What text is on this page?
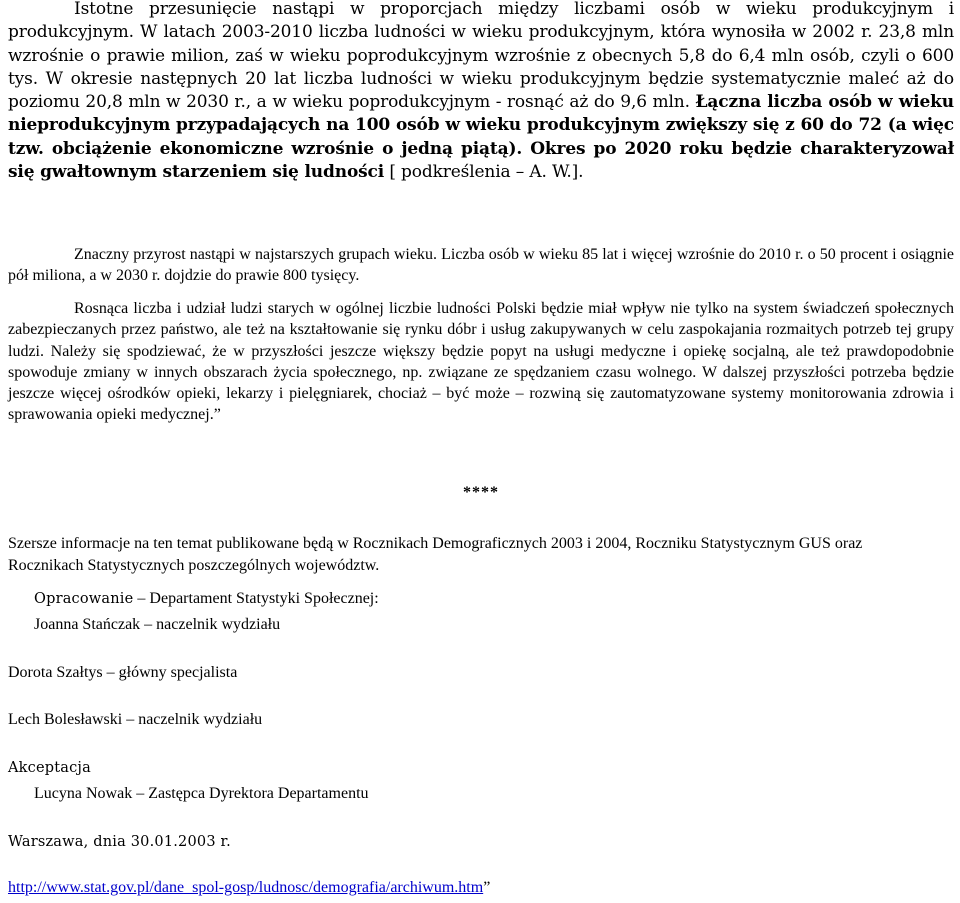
Istotne przesunięcie nastąpi w proporcjach między liczbami osób w wieku produkcyjnym i produkcyjnym. W latach 2003-2010 liczba ludności w wieku produkcyjnym, która wynosiła w 2002 r. 23,8 mln wzrośnie o prawie milion, zaś w wieku poprodukcyjnym wzrośnie z obecnych 5,8 do 6,4 mln osób, czyli o 600 tys. W okresie następnych 20 lat liczba ludności w wieku produkcyjnym będzie systematycznie maleć aż do poziomu 20,8 mln w 2030 r., a w wieku poprodukcyjnym - rosnąć aż do 9,6 mln. Łączna liczba osób w wieku nieprodukcyjnym przypadających na 100 osób w wieku produkcyjnym zwiększy się z 60 do 72 (a więc tzw. obciążenie ekonomiczne wzrośnie o jedną piątą). Okres po 2020 roku będzie charakteryzował się gwałtownym starzeniem się ludności [ podkreślenia – A. W.].

Znaczny przyrost nastąpi w najstarszych grupach wieku. Liczba osób w wieku 85 lat i więcej wzrośnie do 2010 r. o 50 procent i osiągnie pół miliona, a w 2030 r. dojdzie do prawie 800 tysięcy.

Rosnąca liczba i udział ludzi starych w ogólnej liczbie ludności Polski będzie miał wpływ nie tylko na system świadczeń społecznych zabezpieczanych przez państwo, ale też na kształtowanie się rynku dóbr i usług zakupywanych w celu zaspokajania rozmaitych potrzeb tej grupy ludzi. Należy się spodziewać, że w przyszłości jeszcze większy będzie popyt na usługi medyczne i opiekę socjalną, ale też prawdopodobnie spowoduje zmiany w innych obszarach życia społecznego, np. związane ze spędzaniem czasu wolnego. W dalszej przyszłości potrzeba będzie jeszcze więcej ośrodków opieki, lekarzy i pielęgniarek, chociaż – być może – rozwiną się zautomatyzowane systemy monitorowania zdrowia i sprawowania opieki medycznej.”

****

Szersze informacje na ten temat publikowane będą w Rocznikach Demograficznych 2003 i 2004, Roczniku Statystycznym GUS oraz Rocznikach Statystycznych poszczególnych województw.

Opracowanie – Departament Statystyki Społecznej:
Joanna Stańczak – naczelnik wydziału
Dorota Szałtys – główny specjalista
Lech Bolesławski – naczelnik wydziału
Akceptacja
Lucyna Nowak – Zastępca Dyrektora Departamentu
Warszawa, dnia 30.01.2003 r.
http://www.stat.gov.pl/dane_spol-gosp/ludnosc/demografia/archiwum.htm”
